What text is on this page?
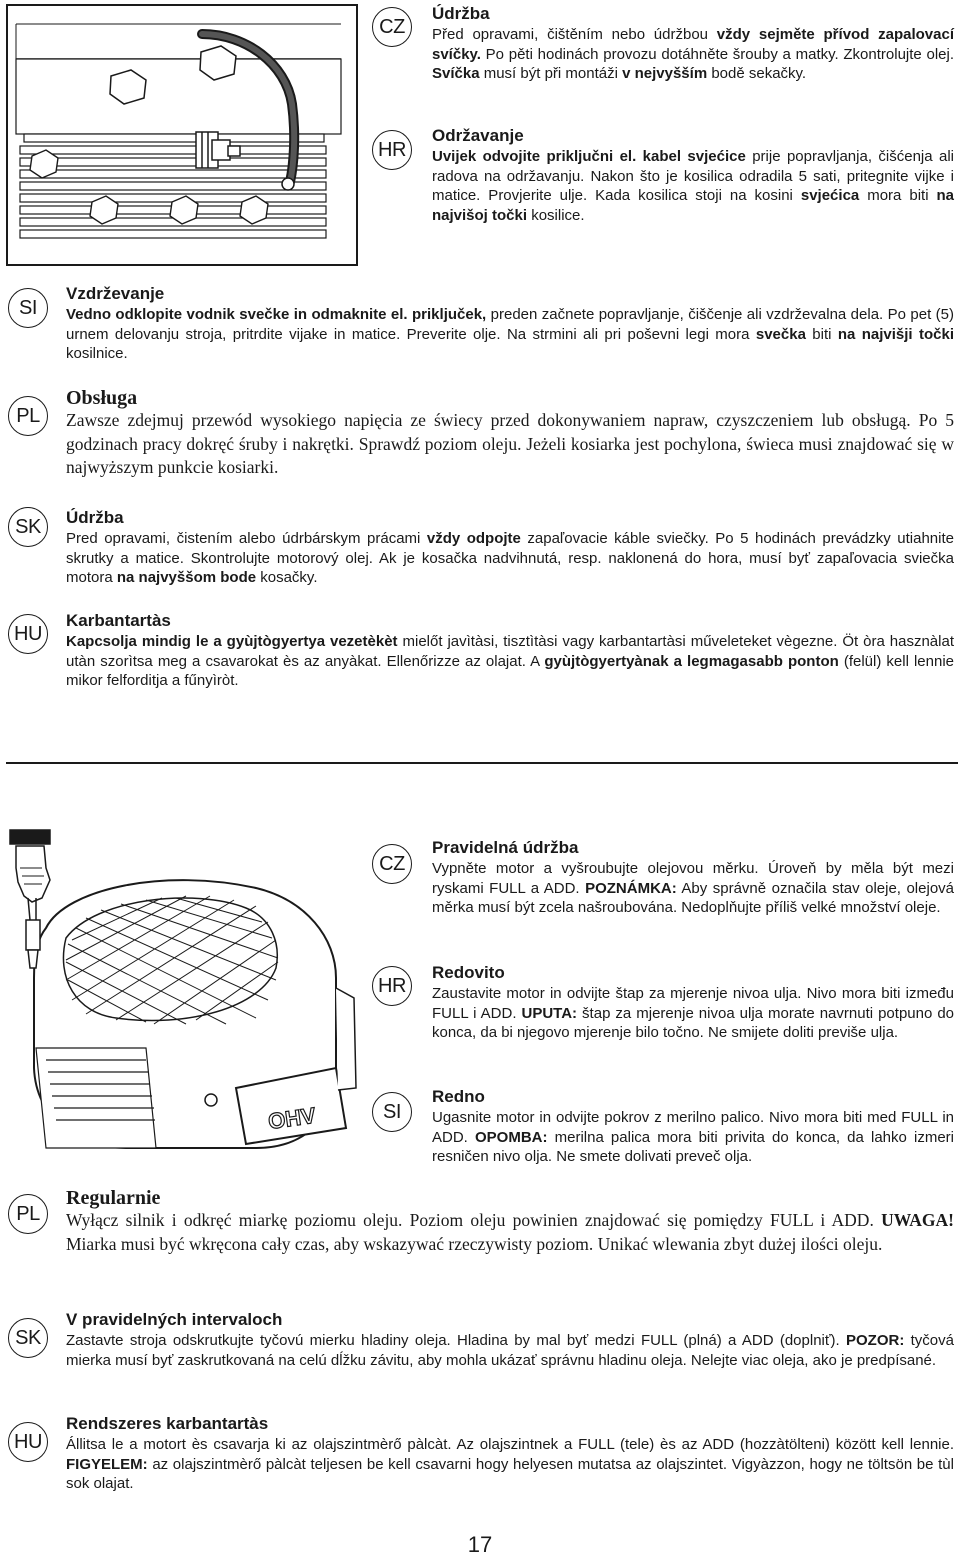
CZ
Údržba

Před opravami, čištěním nebo údržbou vždy sejměte přívod zapalovací svíčky. Po pěti hodinách provozu dotáhněte šrouby a matky. Zkontrolujte olej. Svíčka musí být při montáži v nejvyšším bodě sekačky.

HR
Održavanje

Uvijek odvojite priključni el. kabel svjećice prije popravljanja, čišćenja ali radova na održavanju. Nakon što je kosilica odradila 5 sati, pritegnite vijke i matice. Provjerite ulje. Kada kosilica stoji na kosini svjećica mora biti na najvišoj točki kosilice.

SI
Vzdrževanje

Vedno odklopite vodnik svečke in odmaknite el. priključek, preden začnete popravljanje, čiščenje ali vzdrževalna dela. Po pet (5) urnem delovanju stroja, pritrdite vijake in matice. Preverite olje. Na strmini ali pri poševni legi mora svečka biti na najvišji točki kosilnice.

PL
Obsługa

Zawsze zdejmuj przewód wysokiego napięcia ze świecy przed dokonywaniem napraw, czyszczeniem lub obsługą. Po 5 godzinach pracy dokręć śruby i nakrętki. Sprawdź poziom oleju. Jeżeli kosiarka jest pochylona, świeca musi znajdować się w najwyższym punkcie kosiarki.

SK	Údržba

Pred opravami, čistením alebo údrbárskym prácami vždy odpojte zapaľovacie káble sviečky. Po 5 hodinách prevádzky utiahnite skrutky a matice. Skontrolujte motorový olej. Ak je kosačka nadvihnutá, resp. naklonená do hora, musí byť zapaľovacia sviečka motora na najvyššom bode kosačky.

HU
Karbantartàs

Kapcsolja mindig le a gyùjtògyertya vezetèkèt mielőt javìtàsi, tisztìtàsi vagy karbantartàsi műveleteket vègezne. Öt òra hasznàlat utàn szorìtsa meg a csavarokat ès az anyàkat. Ellenőrizze az olajat. A gyùjtògyertyànak a legmagasabb ponton (felül) kell lennie mikor felforditja a fűnyìròt.

OHV
CZ
Pravidelná údržba

Vypněte motor a vyšroubujte olejovou měrku. Úroveň by měla být mezi ryskami FULL a ADD. POZNÁMKA: Aby správně označila stav oleje, olejová měrka musí být zcela našroubována. Nedoplňujte příliš velké množství oleje.

HR
Redovito

Zaustavite motor in odvijte štap za mjerenje nivoa ulja. Nivo mora biti između FULL i ADD. UPUTA: štap za mjerenje nivoa ulja morate navrnuti potpuno do konca, da bi njegovo mjerenje bilo točno. Ne smijete doliti previše ulja.

SI
Redno

Ugasnite motor in odvijte pokrov z merilno palico. Nivo mora biti med FULL in ADD. OPOMBA: merilna palica mora biti privita do konca, da lahko izmeri resničen nivo olja. Ne smete dolivati preveč olja.

PL
Regularnie

Wyłącz silnik i odkręć miarkę poziomu oleju. Poziom oleju powinien znajdować się pomiędzy FULL i ADD. UWAGA! Miarka musi być wkręcona cały czas, aby wskazywać rzeczywisty poziom. Unikać wlewania zbyt dużej ilości oleju.

SK
V pravidelných intervaloch

Zastavte stroja odskrutkujte tyčovú mierku hladiny oleja. Hladina by mal byť medzi FULL (plná) a ADD (doplniť). POZOR: tyčová mierka musí byť zaskrutkovaná na celú dĺžku závitu, aby mohla ukázať správnu hladinu oleja. Nelejte viac oleja, ako je predpísané.

HU
Rendszeres karbantartàs

Állitsa le a motort ès csavarja ki az olajszintmèrő pàlcàt. Az olajszintnek a FULL (tele) ès az ADD (hozzàtölteni) között kell lennie. FIGYELEM: az olajszintmèrő pàlcàt teljesen be kell csavarni hogy helyesen mutatsa az olajszintet. Vigyàzzon, hogy ne töltsön be tùl sok olajat.

17
